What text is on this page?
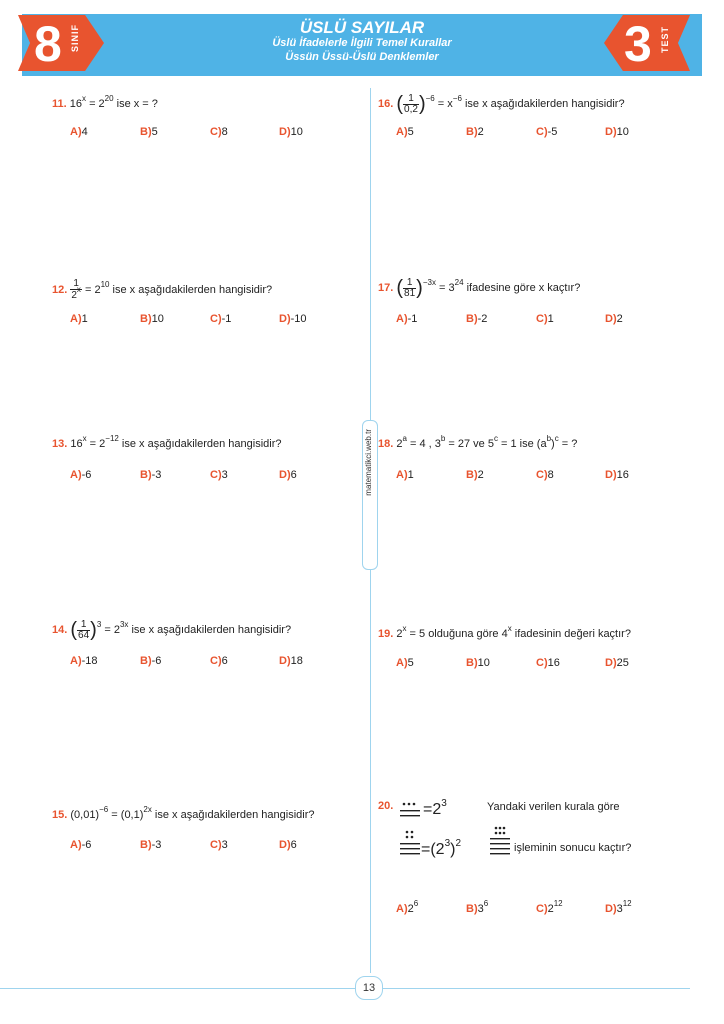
8 SINIF	3 TEST
ÜSLÜ SAYILAR
Üslü İfadelerle İlgili Temel Kurallar
Üssün Üssü-Üslü Denklemler
matematikci.web.tr
13
11. $16^x = 2^{20}$ ise x = ?
A)4	B)5	C)8	D)10
12. $\frac{1}{2^x} = 2^{10}$ ise x aşağıdakilerden hangisidir?
A)1	B)10	C)-1	D)-10
13. $16^x = 2^{-12}$ ise x aşağıdakilerden hangisidir?
A)-6	B)-3	C)3	D)6
14. ( $\frac{1}{64} )^3 = 2^{3x}$ ise x aşağıdakilerden hangisidir?
A)-18	B)-6	C)6	D)18
15. $(0,01)^{-6} = (0,1)^{2x}$ ise x aşağıdakilerden hangisidir?
A)-6	B)-3	C)3	D)6
16. ( $\frac{1}{0,2} )^{-6} = x^{-6}$ ise x aşağıdakilerden hangisidir?
A)5	B)2	C)-5	D)10
17. ( $\frac{1}{81} )^{-3x} = 3^{24}$ ifadesine göre x kaçtır?
A)-1	B)-2	C)1	D)2
18. $2^a = 4$ , $3^b = 27$ ve $5^c = 1$ ise $(a^b)^c$ = ?
A)1	B)2	C)8	D)16
19. $2^x = 5$ olduğuna göre 4$^x$ ifadesinin değeri kaçtır?
A)5	B)10	C)16	D)25
20. $=2^3$	Yandaki verilen kurala göre
$=(2^3)^2$	işleminin sonucu kaçtır?
$A)2^6$	$B)3^6$	$C)2^{12}$	$D)3^{12}$
